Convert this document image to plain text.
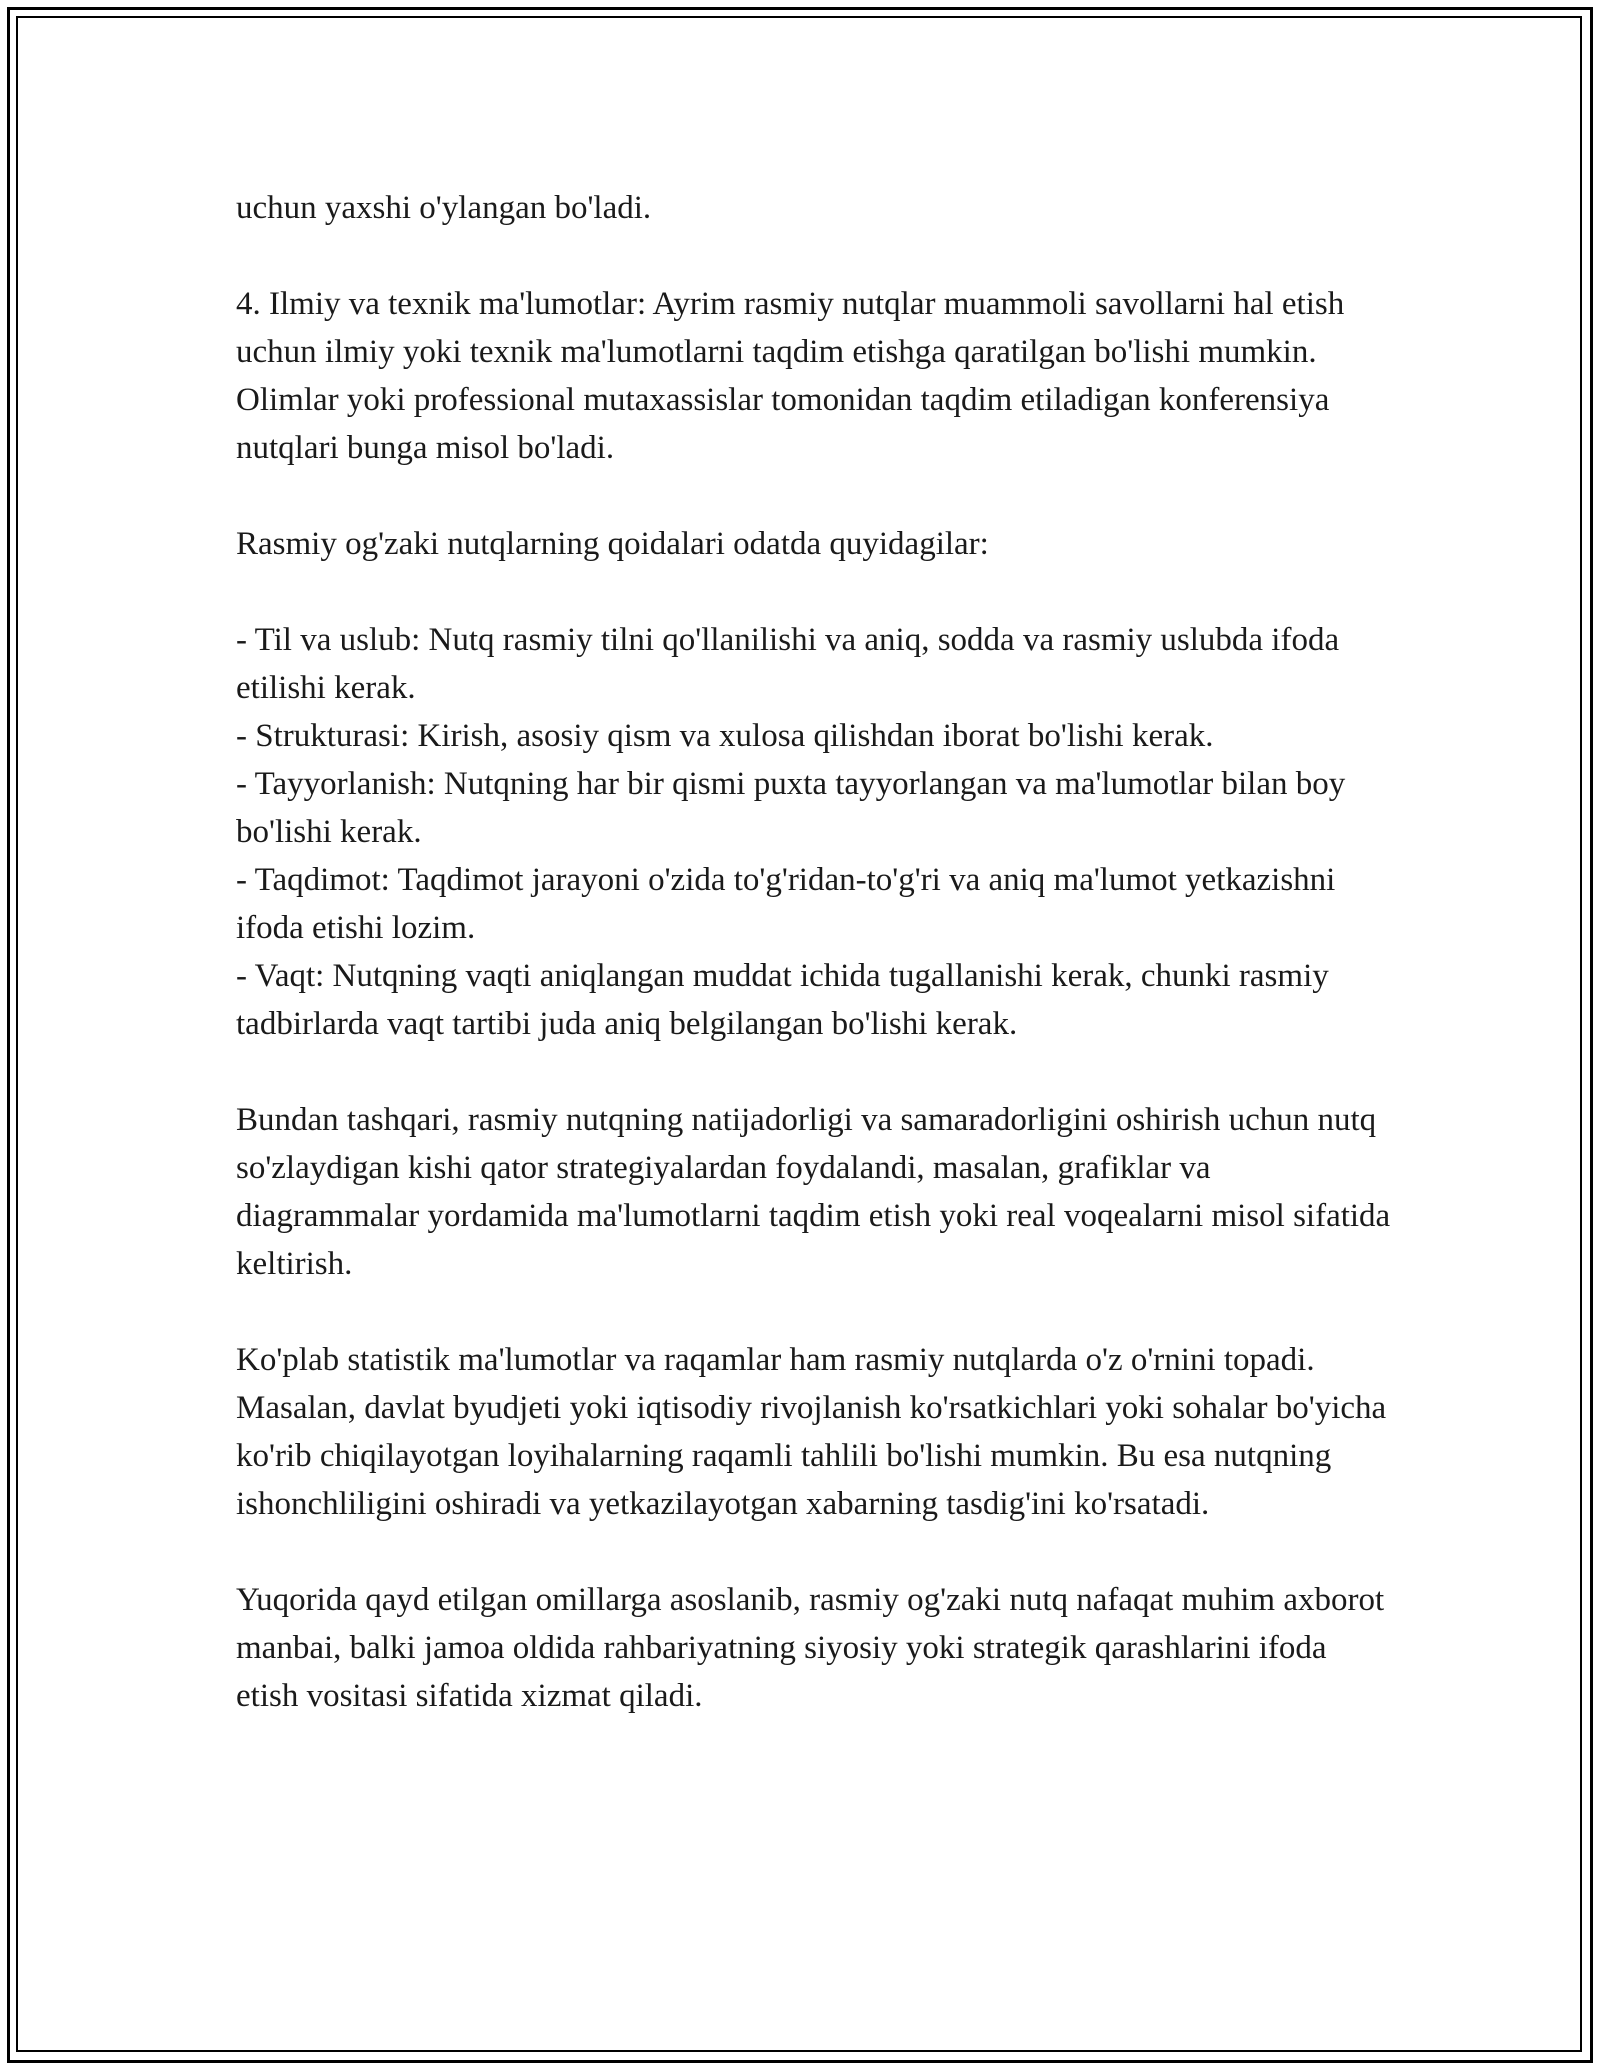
uchun yaxshi o'ylangan bo'ladi.

4. Ilmiy va texnik ma'lumotlar: Ayrim rasmiy nutqlar muammoli savollarni hal etish uchun ilmiy yoki texnik ma'lumotlarni taqdim etishga qaratilgan bo'lishi mumkin. Olimlar yoki professional mutaxassislar tomonidan taqdim etiladigan konferensiya nutqlari bunga misol bo'ladi.

Rasmiy og'zaki nutqlarning qoidalari odatda quyidagilar:

- Til va uslub: Nutq rasmiy tilni qo'llanilishi va aniq, sodda va rasmiy uslubda ifoda etilishi kerak.

- Strukturasi: Kirish, asosiy qism va xulosa qilishdan iborat bo'lishi kerak.

- Tayyorlanish: Nutqning har bir qismi puxta tayyorlangan va ma'lumotlar bilan boy bo'lishi kerak.

- Taqdimot: Taqdimot jarayoni o'zida to'g'ridan-to'g'ri va aniq ma'lumot yetkazishni ifoda etishi lozim.

- Vaqt: Nutqning vaqti aniqlangan muddat ichida tugallanishi kerak, chunki rasmiy tadbirlarda vaqt tartibi juda aniq belgilangan bo'lishi kerak.

Bundan tashqari, rasmiy nutqning natijadorligi va samaradorligini oshirish uchun nutq so'zlaydigan kishi qator strategiyalardan foydalandi, masalan, grafiklar va diagrammalar yordamida ma'lumotlarni taqdim etish yoki real voqealarni misol sifatida keltirish.

Ko'plab statistik ma'lumotlar va raqamlar ham rasmiy nutqlarda o'z o'rnini topadi. Masalan, davlat byudjeti yoki iqtisodiy rivojlanish ko'rsatkichlari yoki sohalar bo'yicha ko'rib chiqilayotgan loyihalarning raqamli tahlili bo'lishi mumkin. Bu esa nutqning ishonchliligini oshiradi va yetkazilayotgan xabarning tasdig'ini ko'rsatadi.

Yuqorida qayd etilgan omillarga asoslanib, rasmiy og'zaki nutq nafaqat muhim axborot manbai, balki jamoa oldida rahbariyatning siyosiy yoki strategik qarashlarini ifoda etish vositasi sifatida xizmat qiladi.
